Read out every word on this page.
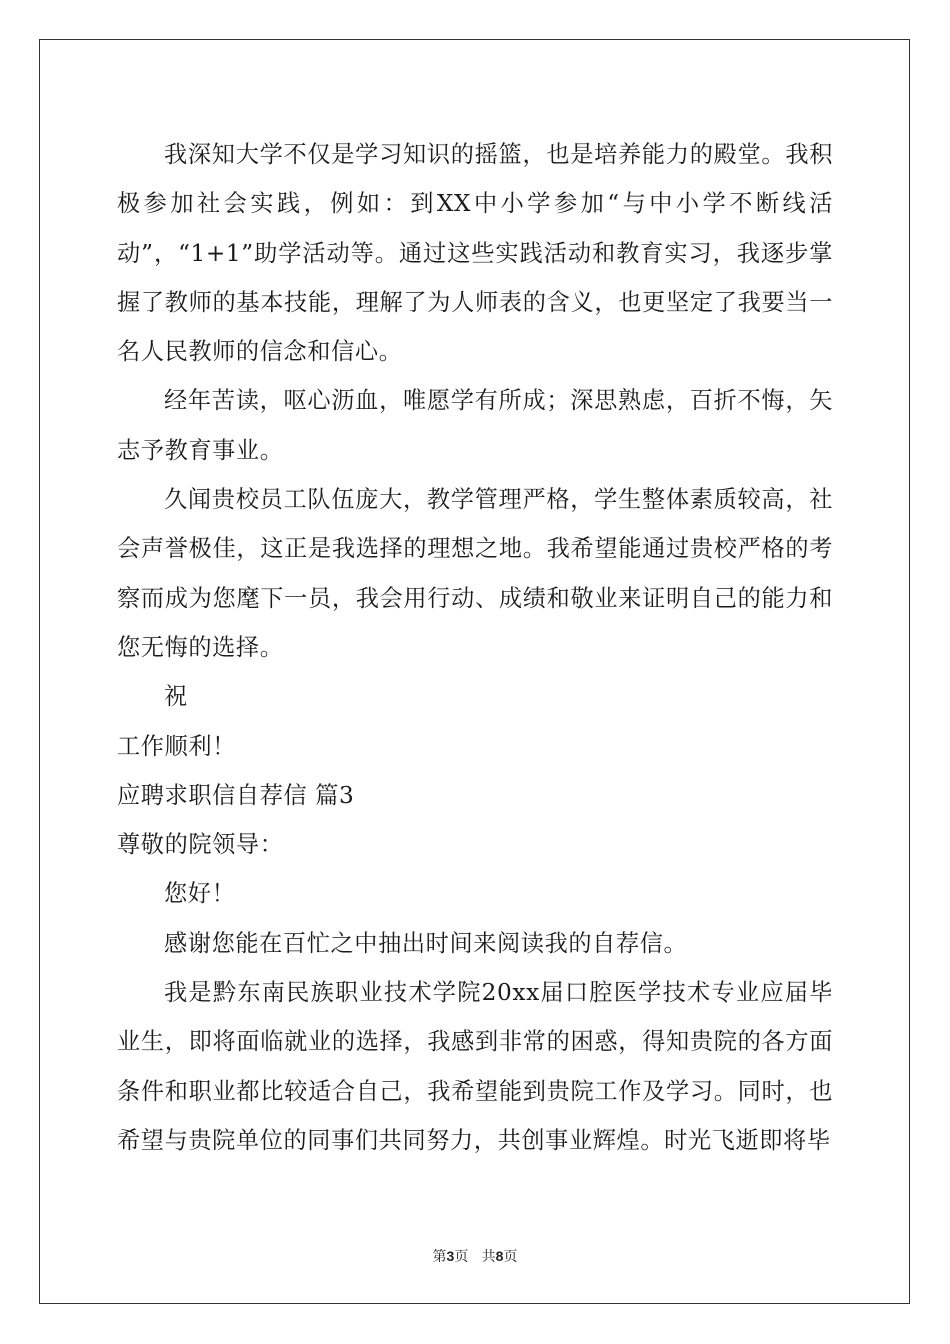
我深知大学不仅是学习知识的摇篮，也是培养能力的殿堂。我积极参加社会实践，例如：到XX中小学参加“与中小学不断线活动”，“1+1”助学活动等。通过这些实践活动和教育实习，我逐步掌握了教师的基本技能，理解了为人师表的含义，也更坚定了我要当一名人民教师的信念和信心。

经年苦读，呕心沥血，唯愿学有所成；深思熟虑，百折不悔，矢志予教育事业。

久闻贵校员工队伍庞大，教学管理严格，学生整体素质较高，社会声誉极佳，这正是我选择的理想之地。我希望能通过贵校严格的考察而成为您麾下一员，我会用行动、成绩和敬业来证明自己的能力和您无悔的选择。

祝

工作顺利！

应聘求职信自荐信 篇3

尊敬的院领导：

您好！

感谢您能在百忙之中抽出时间来阅读我的自荐信。

我是黔东南民族职业技术学院20xx届口腔医学技术专业应届毕业生，即将面临就业的选择，我感到非常的困惑，得知贵院的各方面条件和职业都比较适合自己，我希望能到贵院工作及学习。同时，也希望与贵院单位的同事们共同努力，共创事业辉煌。时光飞逝即将毕

第3页 共8页
